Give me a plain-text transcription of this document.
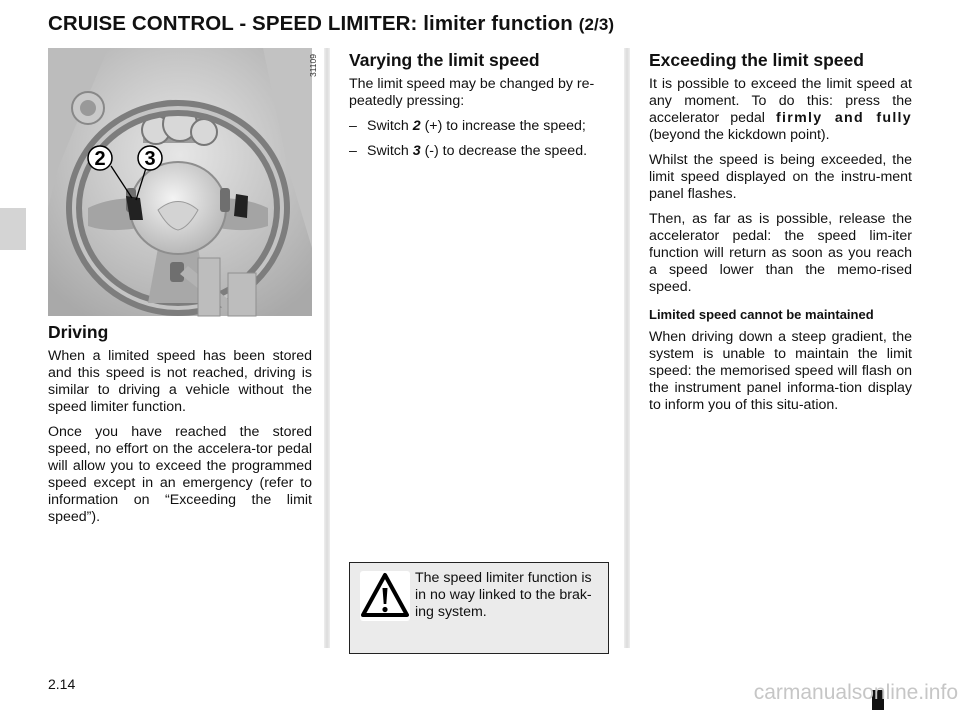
CRUISE CONTROL - SPEED LIMITER: limiter function (2/3)
2 3
31109
Driving

When a limited speed has been stored and this speed is not reached, driving is similar to driving a vehicle without the speed limiter function.

Once you have reached the stored speed, no effort on the accelera-tor pedal will allow you to exceed the programmed speed except in an emergency (refer to information on “Exceeding the limit speed”).

Varying the limit speed

The limit speed may be changed by re-peatedly pressing:

– Switch 2 (+) to increase the speed;
– Switch 3 (-) to decrease the speed.
The speed limiter function is in no way linked to the brak-ing system.
Exceeding the limit speed

It is possible to exceed the limit speed at any moment. To do this: press the accelerator pedal firmly and fully (beyond the kickdown point).

Whilst the speed is being exceeded, the limit speed displayed on the instru-ment panel flashes.

Then, as far as is possible, release the accelerator pedal: the speed lim-iter function will return as soon as you reach a speed lower than the memo-rised speed.

Limited speed cannot be maintained

When driving down a steep gradient, the system is unable to maintain the limit speed: the memorised speed will flash on the instrument panel informa-tion display to inform you of this situ-ation.

2.14	carmanualsonline.info
